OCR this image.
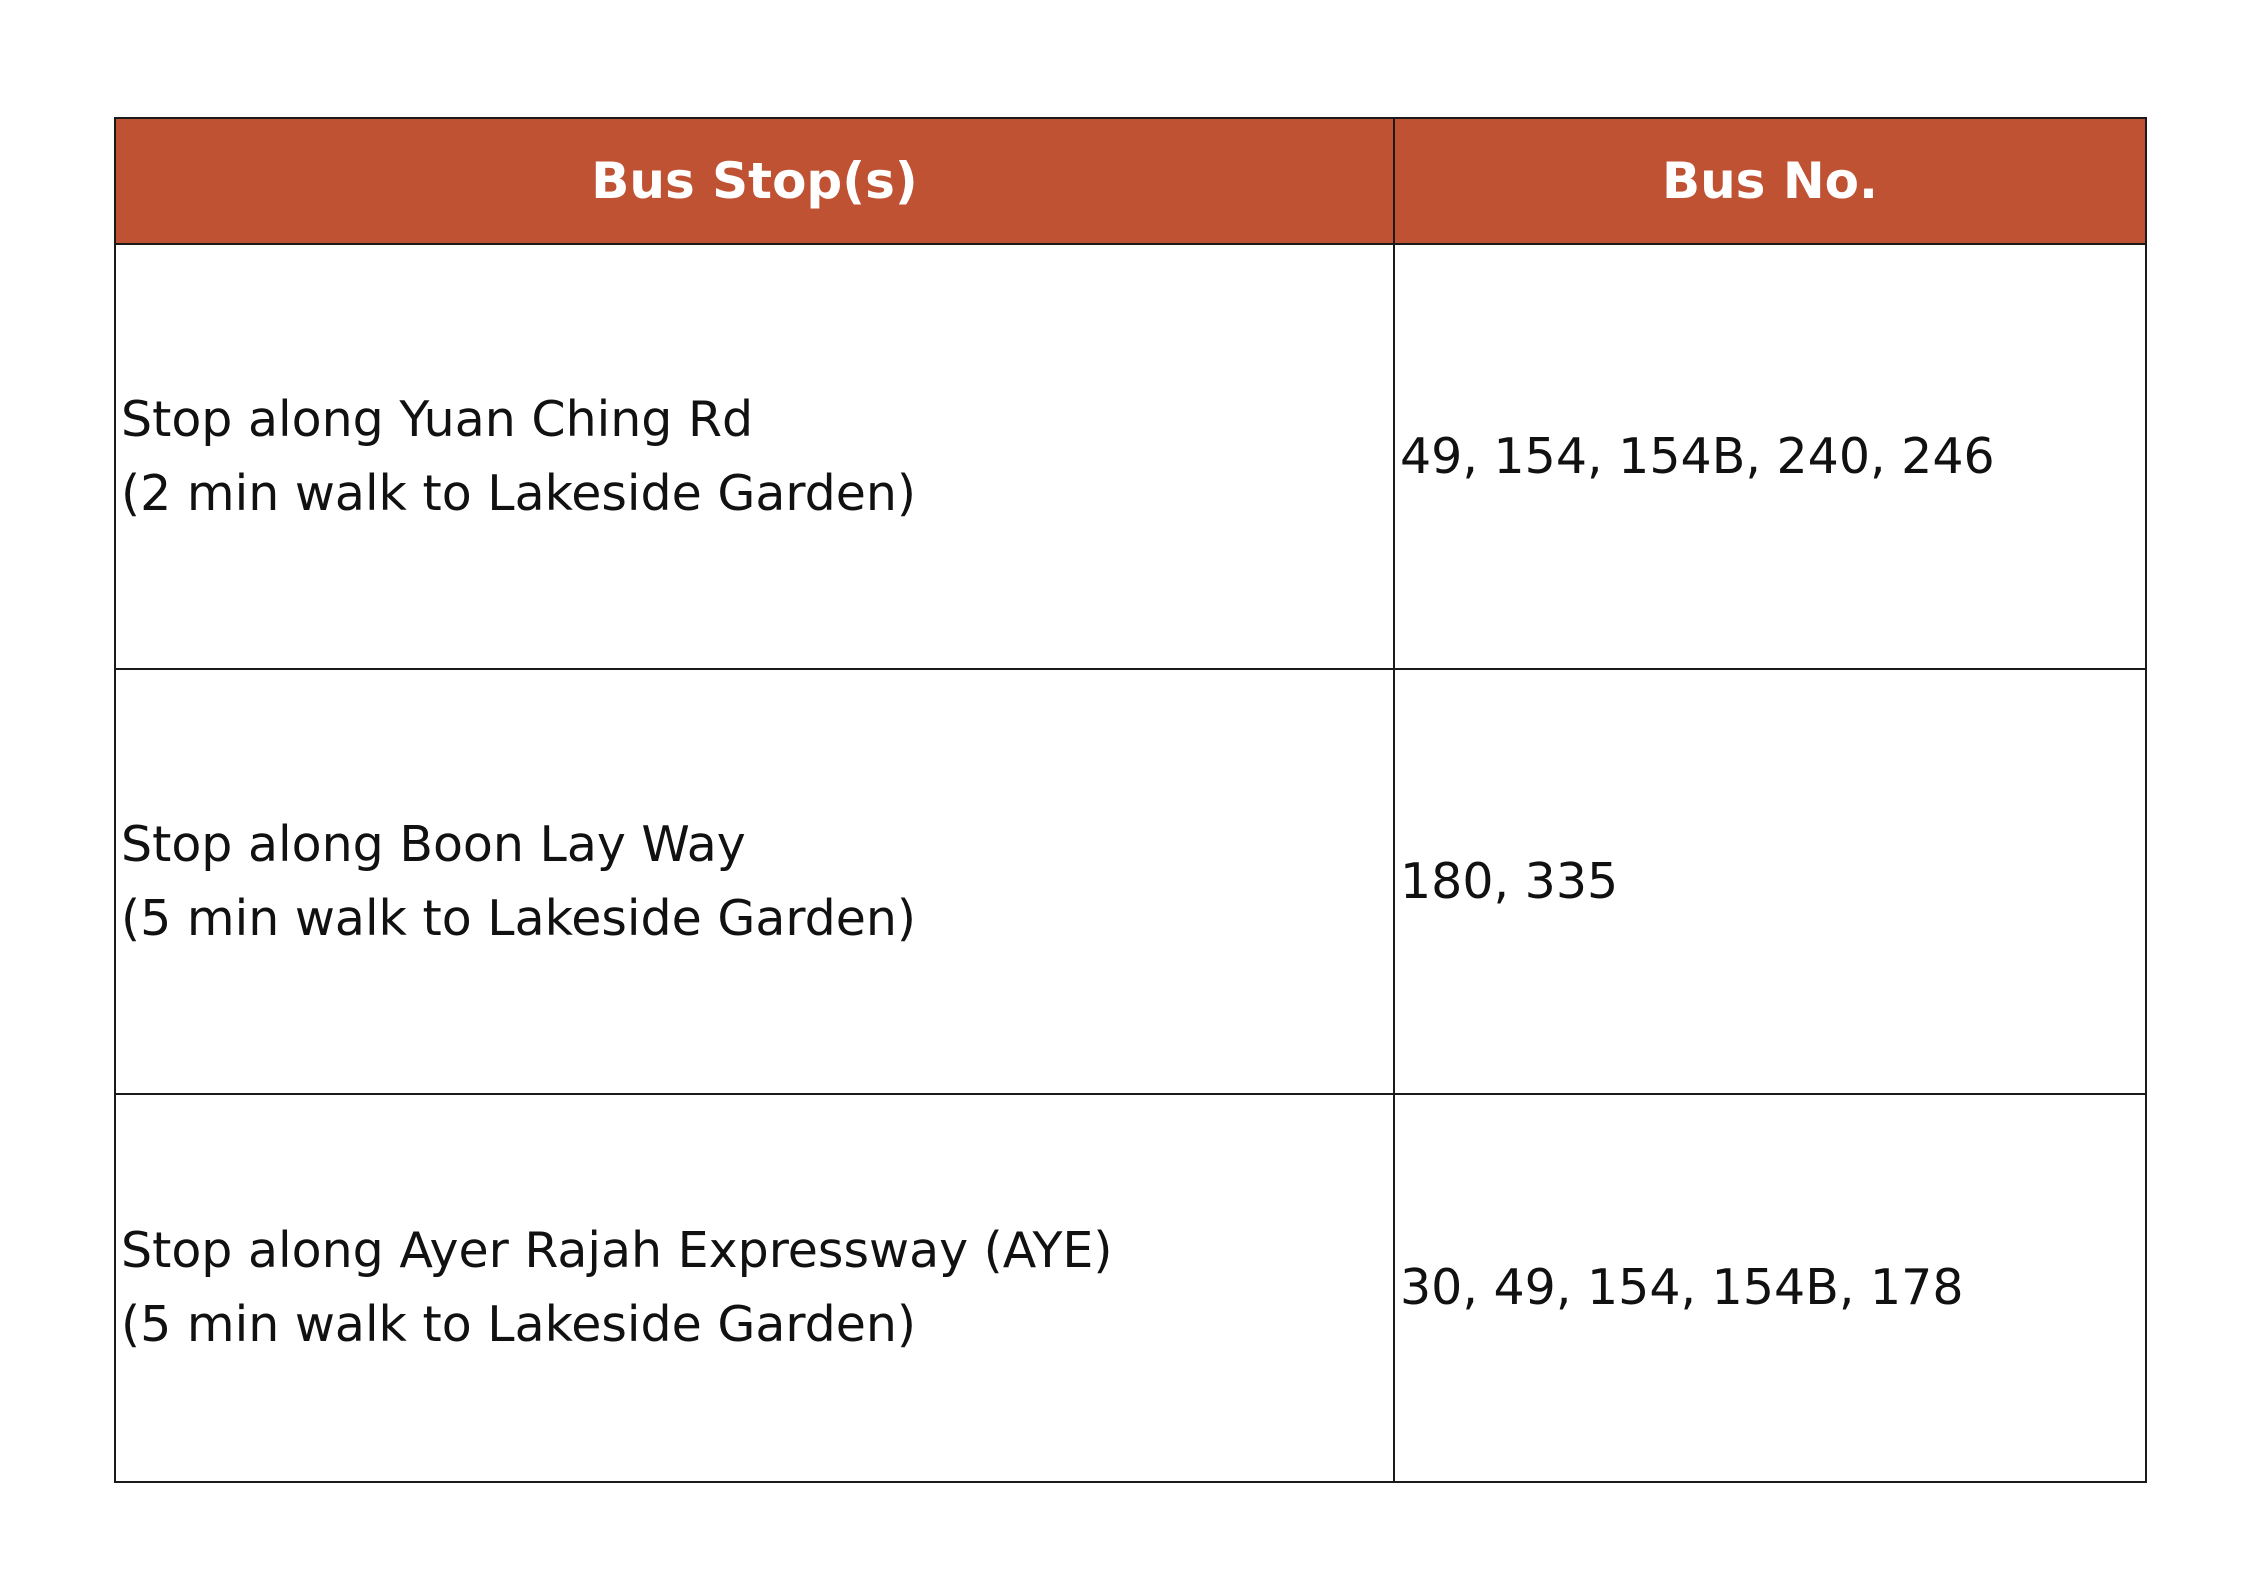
Bus Stop(s)	Bus No.

Stop along Yuan Ching Rd
(2 min walk to Lakeside Garden)	49, 154, 154B, 240, 246

Stop along Boon Lay Way
(5 min walk to Lakeside Garden)	180, 335

Stop along Ayer Rajah Expressway (AYE)
(5 min walk to Lakeside Garden)	30, 49, 154, 154B, 178
